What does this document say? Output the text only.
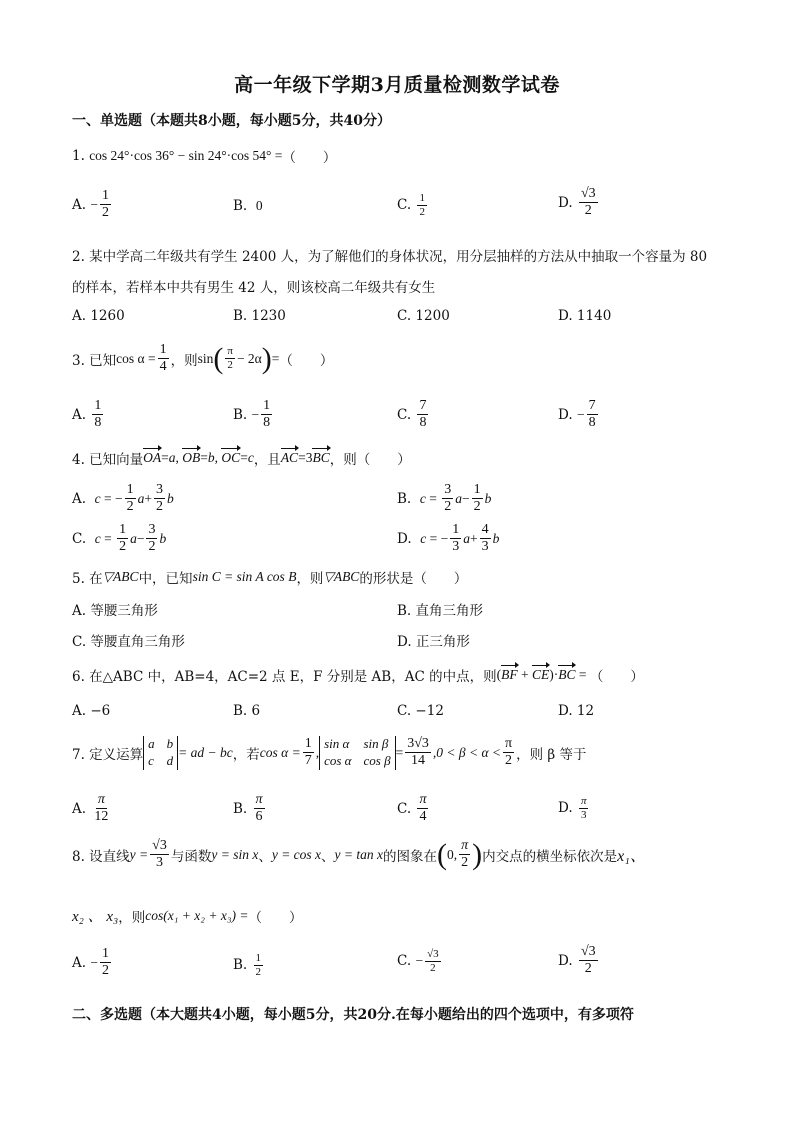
高一年级下学期3月质量检测数学试卷
一、单选题（本题共8小题，每小题5分，共40分）
1.
cos 24°·cos 36° − sin 24°·cos 54° = （　　）
A.
− $\frac{1}{2}$	B.
0	C.
$\frac{1}{2}$	D.
$\frac{√3}{2}$
2. 某中学高二年级共有学生 2400 人，为了解他们的身体状况，用分层抽样的方法从中抽取一个容量为 80
的样本，若样本中共有男生 42 人，则该校高二年级共有女生
A. 1260	B. 1230	C. 1200	D. 1140
3. 已知 $\cos \alpha = \frac{1}{4}$ ，则 sin ( $\frac{\pi}{2} - 2\alpha$ ) = （　　）
A.
$\frac{1}{8}$	B.
− $\frac{1}{8}$	C.
$\frac{7}{8}$	D.
− $\frac{7}{8}$
4. 已知向量 OA = a , OB = b , OC = c ，且 AC = 3 BC ，则 （　　）
A.
c = − $\frac{1}{2}$ $a + \frac{3}{2}$ b	B.
$c = \frac{3}{2}$ $a - \frac{1}{2}$ b
C.
$c = \frac{1}{2}$ $a - \frac{3}{2}$ b	D.
c = − $\frac{1}{3}$ $a + \frac{4}{3}$ b
5. 在 ▽ABC 中，已知 sin C = sin A cos B ，则 ▽ABC 的形状是 （　　）
A. 等腰三角形	B. 直角三角形
C. 等腰直角三角形	D. 正三角形
6. 在△ABC 中，AB=4，AC=2 点 E，F 分别是 AB，AC 的中点，则 ( BF + CE )· BC = （　　）
A. −6	B. 6	C. −12	D. 12
7. 定义运算
a b
c d
= ad − bc ，若 $\cos \alpha = \frac{1}{7}$ ,
sin α sin β
cos α cos β
= $\frac{3√3}{14} ,0 < \beta < \alpha < \frac{\pi}{2}$ ，则 β 等于
A.
$\frac{\pi}{12}$	B.
$\frac{\pi}{6}$	C.
$\frac{\pi}{4}$	D.
$\frac{\pi}{3}$
8. 设直线 $y = \frac{√3}{3}$ 与函数 y = sin x 、 y = cos x 、 y = tan x 的图象在 ( 0, $\frac{\pi}{2}$ ) 内交点的横坐标依次是 x₁、
x₂ 、 x₃ ，则 cos(x₁ + x₂ + x₃) = （　　）
A.
− $\frac{1}{2}$	B.
$\frac{1}{2}$	C.
− $\frac{√3}{2}$	D.
$\frac{√3}{2}$
二、多选题（本大题共4小题，每小题5分，共20分.在每小题给出的四个选项中，有多项符
